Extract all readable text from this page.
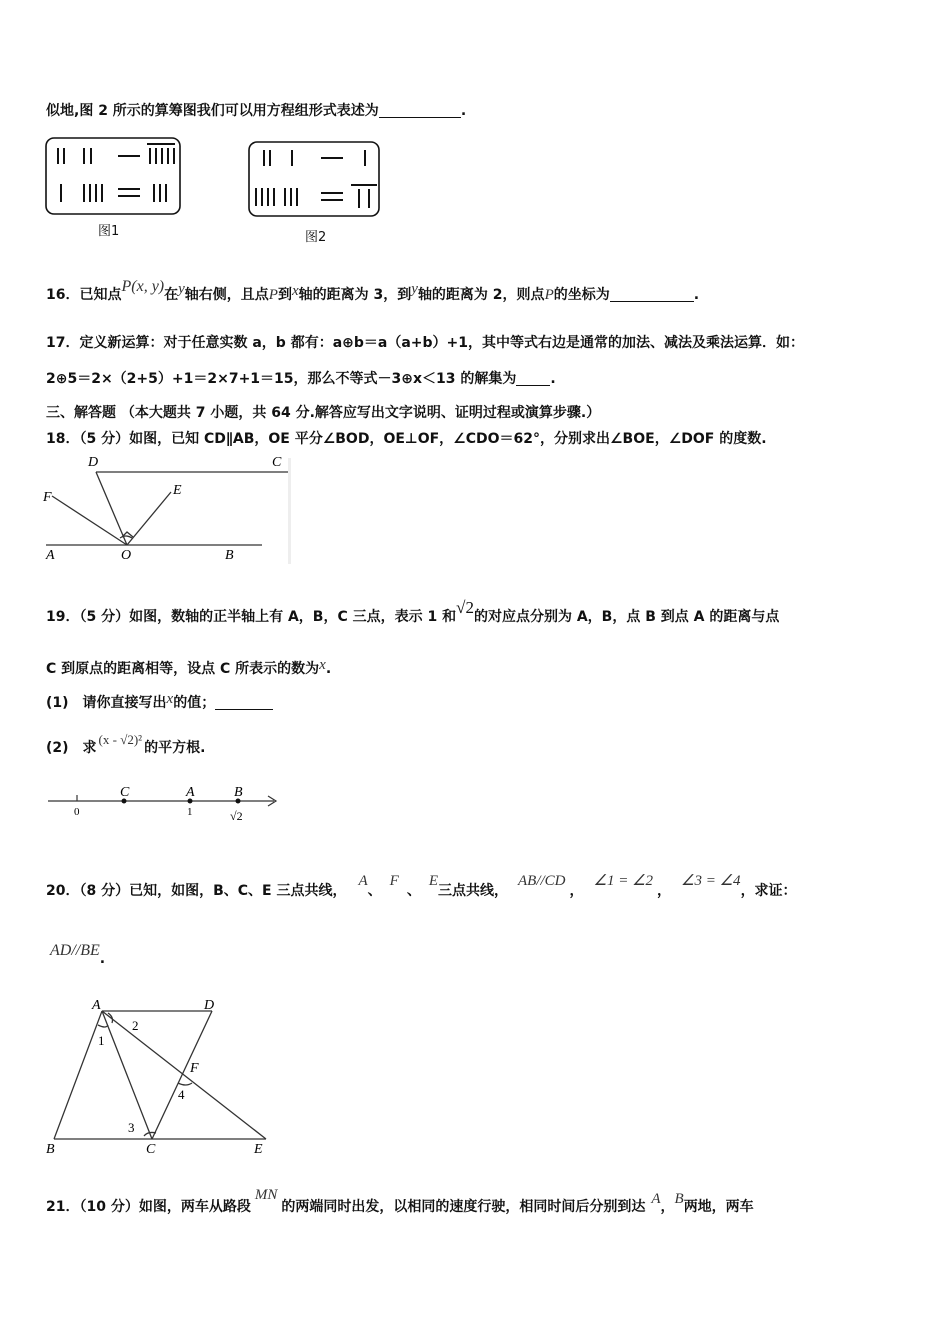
似地,图 2 所示的算筹图我们可以用方程组形式表述为	.
图1	图2
16．已知点P(x, y)在y轴右侧，且点P到x轴的距离为 3，到y轴的距离为 2，则点P的坐标为	.
17．定义新运算：对于任意实数 a，b 都有：a⊕b＝a（a+b）+1，其中等式右边是通常的加法、减法及乘法运算．如：
2⊕5＝2×（2+5）+1＝2×7+1＝15，那么不等式－3⊕x＜13 的解集为 .
三、解答题 （本大题共 7 小题，共 64 分.解答应写出文字说明、证明过程或演算步骤.）
18．（5 分）如图，已知 CD∥AB，OE 平分∠BOD，OE⊥OF，∠CDO＝62°，分别求出∠BOE，∠DOF 的度数.
D	C
F	E
A	O	B
19．（5 分）如图，数轴的正半轴上有 A，B，C 三点，表示 1 和√2的对应点分别为 A，B，点 B 到点 A 的距离与点
C 到原点的距离相等，设点 C 所表示的数为x.
(1)　请你直接写出x的值；
(2)　求(x - √2)²的平方根.
0
C	A
1
B
√2
20．（8 分）已知，如图，B、C、E 三点共线，A、F、E三点共线，AB//CD，∠1 = ∠2，∠3 = ∠4，求证：
AD//BE.
A	D
2
1
F
4
3
B	C	E
21．（10 分）如图，两车从路段MN的两端同时出发，以相同的速度行驶，相同时间后分别到达 A，B两地，两车
